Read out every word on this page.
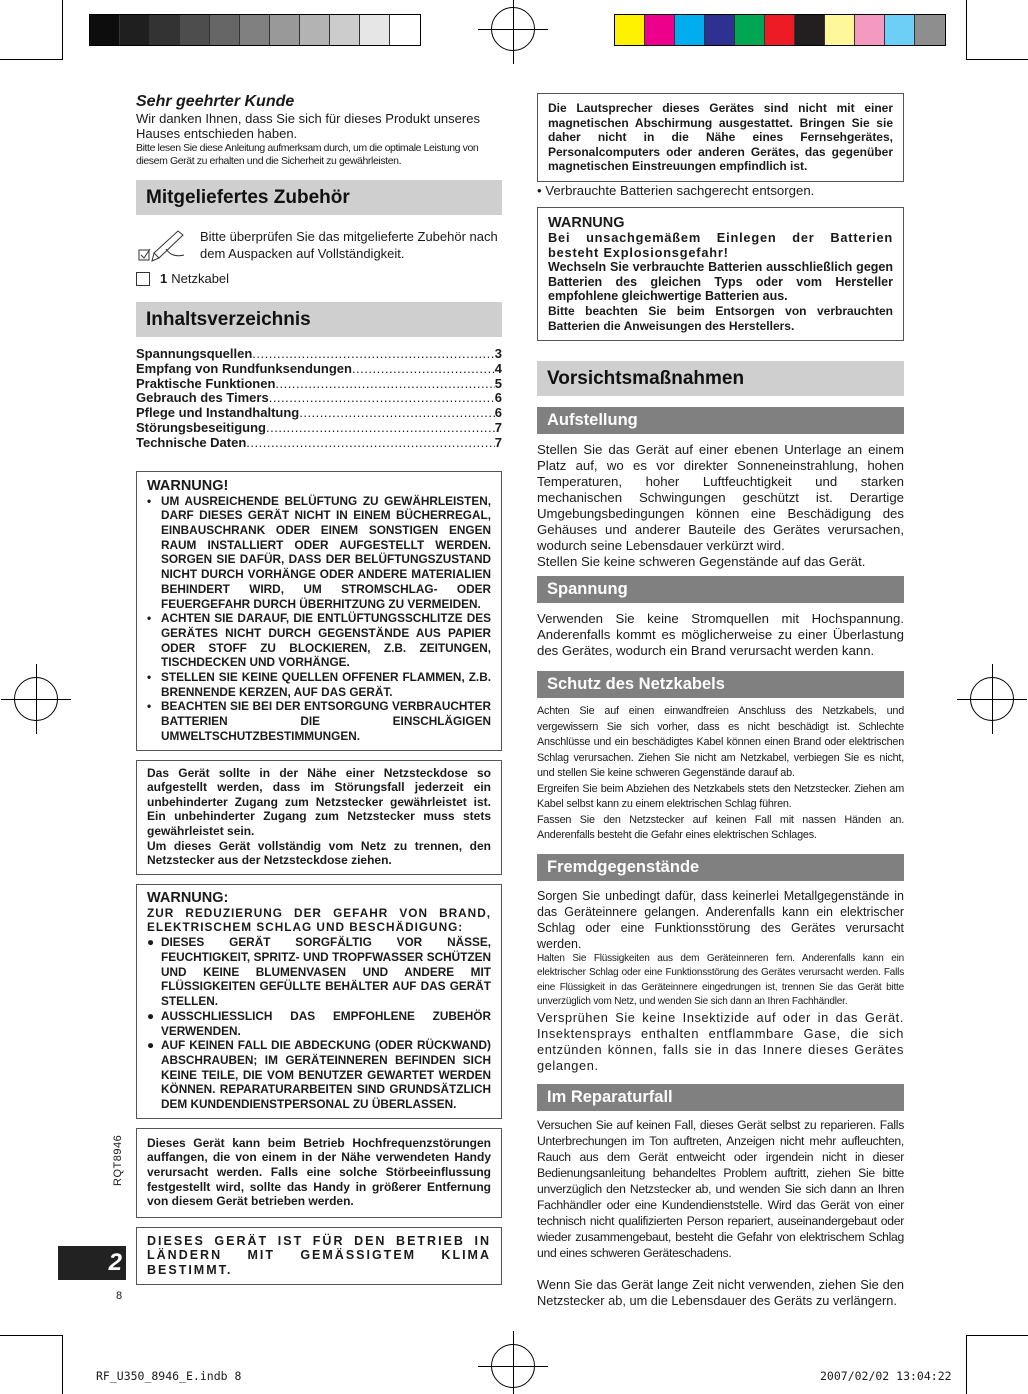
Sehr geehrter Kunde
Wir danken Ihnen, dass Sie sich für dieses Produkt unseres Hauses entschieden haben.
Bitte lesen Sie diese Anleitung aufmerksam durch, um die optimale Leistung von diesem Gerät zu erhalten und die Sicherheit zu gewährleisten.
Mitgeliefertes Zubehör
Bitte überprüfen Sie das mitgelieferte Zubehör nach dem Auspacken auf Vollständigkeit.
1 Netzkabel
Inhaltsverzeichnis
Spannungsquellen .....	3
Empfang von Rundfunksendungen .....	4
Praktische Funktionen .....	5
Gebrauch des Timers .....	6
Pflege und Instandhaltung .....	6
Störungsbeseitigung .....	7
Technische Daten .....	7
WARNUNG!
• UM AUSREICHENDE BELÜFTUNG ZU GEWÄHRLEISTEN, DARF DIESES GERÄT NICHT IN EINEM BÜCHERREGAL, EINBAUSCHRANK ODER EINEM SONSTIGEN ENGEN RAUM INSTALLIERT ODER AUFGESTELLT WERDEN. SORGEN SIE DAFÜR, DASS DER BELÜFTUNGSZUSTAND NICHT DURCH VORHÄNGE ODER ANDERE MATERIALIEN BEHINDERT WIRD, UM STROMSCHLAG- ODER FEUERGEFAHR DURCH ÜBERHITZUNG ZU VERMEIDEN.
• ACHTEN SIE DARAUF, DIE ENTLÜFTUNGSSCHLITZE DES GERÄTES NICHT DURCH GEGENSTÄNDE AUS PAPIER ODER STOFF ZU BLOCKIEREN, Z.B. ZEITUNGEN, TISCHDECKEN UND VORHÄNGE.
• STELLEN SIE KEINE QUELLEN OFFENER FLAMMEN, Z.B. BRENNENDE KERZEN, AUF DAS GERÄT.
• BEACHTEN SIE BEI DER ENTSORGUNG VERBRAUCHTER BATTERIEN DIE EINSCHLÄGIGEN UMWELTSCHUTZBESTIMMUNGEN.
Das Gerät sollte in der Nähe einer Netzsteckdose so aufgestellt werden, dass im Störungsfall jederzeit ein unbehinderter Zugang zum Netzstecker gewährleistet ist. Ein unbehinderter Zugang zum Netzstecker muss stets gewährleistet sein.
Um dieses Gerät vollständig vom Netz zu trennen, den Netzstecker aus der Netzsteckdose ziehen.
WARNUNG:
ZUR REDUZIERUNG DER GEFAHR VON BRAND, ELEKTRISCHEM SCHLAG UND BESCHÄDIGUNG:
● DIESES GERÄT SORGFÄLTIG VOR NÄSSE, FEUCHTIGKEIT, SPRITZ- UND TROPFWASSER SCHÜTZEN UND KEINE BLUMENVASEN UND ANDERE MIT FLÜSSIGKEITEN GEFÜLLTE BEHÄLTER AUF DAS GERÄT STELLEN.
● AUSSCHLIESSLICH DAS EMPFOHLENE ZUBEHÖR VERWENDEN.
● AUF KEINEN FALL DIE ABDECKUNG (ODER RÜCKWAND) ABSCHRAUBEN; IM GERÄTEINNEREN BEFINDEN SICH KEINE TEILE, DIE VOM BENUTZER GEWARTET WERDEN KÖNNEN. REPARATURARBEITEN SIND GRUNDSÄTZLICH DEM KUNDENDIENSTPERSONAL ZU ÜBERLASSEN.
Dieses Gerät kann beim Betrieb Hochfrequenzstörungen auffangen, die von einem in der Nähe verwendeten Handy verursacht werden. Falls eine solche Störbeeinflussung festgestellt wird, sollte das Handy in größerer Entfernung von diesem Gerät betrieben werden.
DIESES GERÄT IST FÜR DEN BETRIEB IN LÄNDERN MIT GEMÄSSIGTEM KLIMA BESTIMMT.
Die Lautsprecher dieses Gerätes sind nicht mit einer magnetischen Abschirmung ausgestattet. Bringen Sie sie daher nicht in die Nähe eines Fernsehgerätes, Personalcomputers oder anderen Gerätes, das gegenüber magnetischen Einstreuungen empfindlich ist.
• Verbrauchte Batterien sachgerecht entsorgen.
WARNUNG
Bei unsachgemäßem Einlegen der Batterien besteht Explosionsgefahr!
Wechseln Sie verbrauchte Batterien ausschließlich gegen Batterien des gleichen Typs oder vom Hersteller empfohlene gleichwertige Batterien aus.
Bitte beachten Sie beim Entsorgen von verbrauchten Batterien die Anweisungen des Herstellers.
Vorsichtsmaßnahmen
Aufstellung
Stellen Sie das Gerät auf einer ebenen Unterlage an einem Platz auf, wo es vor direkter Sonneneinstrahlung, hohen Temperaturen, hoher Luftfeuchtigkeit und starken mechanischen Schwingungen geschützt ist. Derartige Umgebungsbedingungen können eine Beschädigung des Gehäuses und anderer Bauteile des Gerätes verursachen, wodurch seine Lebensdauer verkürzt wird.
Stellen Sie keine schweren Gegenstände auf das Gerät.
Spannung
Verwenden Sie keine Stromquellen mit Hochspannung. Anderenfalls kommt es möglicherweise zu einer Überlastung des Gerätes, wodurch ein Brand verursacht werden kann.
Schutz des Netzkabels
Achten Sie auf einen einwandfreien Anschluss des Netzkabels, und vergewissern Sie sich vorher, dass es nicht beschädigt ist. Schlechte Anschlüsse und ein beschädigtes Kabel können einen Brand oder elektrischen Schlag verursachen. Ziehen Sie nicht am Netzkabel, verbiegen Sie es nicht, und stellen Sie keine schweren Gegenstände darauf ab.
Ergreifen Sie beim Abziehen des Netzkabels stets den Netzstecker. Ziehen am Kabel selbst kann zu einem elektrischen Schlag führen.
Fassen Sie den Netzstecker auf keinen Fall mit nassen Händen an. Anderenfalls besteht die Gefahr eines elektrischen Schlages.
Fremdgegenstände
Sorgen Sie unbedingt dafür, dass keinerlei Metallgegenstände in das Geräteinnere gelangen. Anderenfalls kann ein elektrischer Schlag oder eine Funktionsstörung des Gerätes verursacht werden.
Halten Sie Flüssigkeiten aus dem Geräteinneren fern. Anderenfalls kann ein elektrischer Schlag oder eine Funktionsstörung des Gerätes verursacht werden. Falls eine Flüssigkeit in das Geräteinnere eingedrungen ist, trennen Sie das Gerät bitte unverzüglich vom Netz, und wenden Sie sich dann an Ihren Fachhändler.
Versprühen Sie keine Insektizide auf oder in das Gerät. Insektensprays enthalten entflammbare Gase, die sich entzünden können, falls sie in das Innere dieses Gerätes gelangen.
Im Reparaturfall
Versuchen Sie auf keinen Fall, dieses Gerät selbst zu reparieren. Falls Unterbrechungen im Ton auftreten, Anzeigen nicht mehr aufleuchten, Rauch aus dem Gerät entweicht oder irgendein nicht in dieser Bedienungsanleitung behandeltes Problem auftritt, ziehen Sie bitte unverzüglich den Netzstecker ab, und wenden Sie sich dann an Ihren Fachhändler oder eine Kundendienststelle. Wird das Gerät von einer technisch nicht qualifizierten Person repariert, auseinandergebaut oder wieder zusammengebaut, besteht die Gefahr von elektrischem Schlag und eines schweren Geräteschadens.
Wenn Sie das Gerät lange Zeit nicht verwenden, ziehen Sie den Netzstecker ab, um die Lebensdauer des Geräts zu verlängern.
RQT8946
2
8
RF_U350_8946_E.indb 8	2007/02/02 13:04:22
